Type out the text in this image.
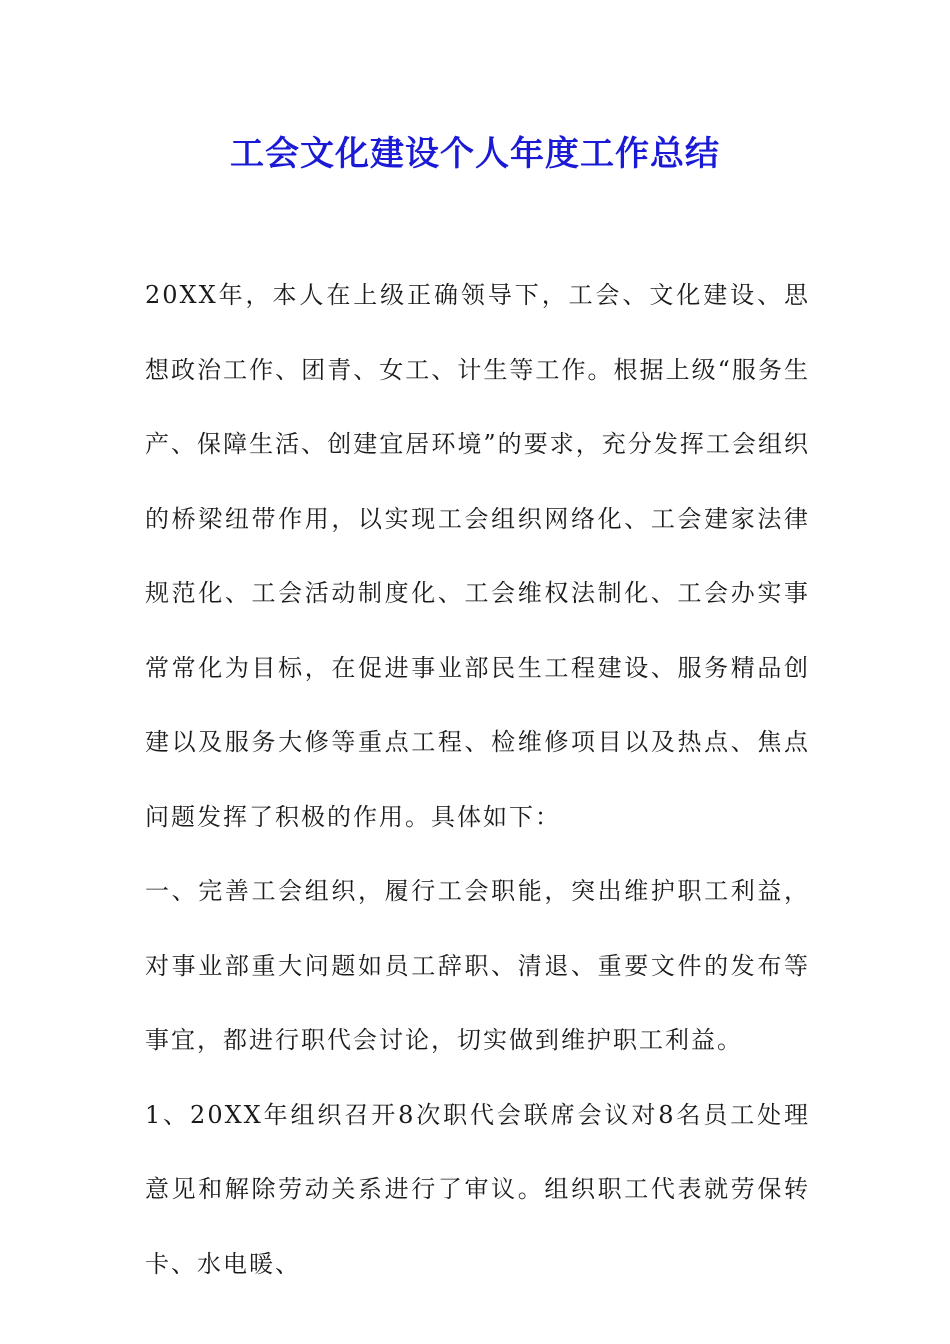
工会文化建设个人年度工作总结

20XX年，本人在上级正确领导下，工会、文化建设、思想政治工作、团青、女工、计生等工作。根据上级“服务生产、保障生活、创建宜居环境”的要求，充分发挥工会组织的桥梁纽带作用，以实现工会组织网络化、工会建家法律规范化、工会活动制度化、工会维权法制化、工会办实事常常化为目标，在促进事业部民生工程建设、服务精品创建以及服务大修等重点工程、检维修项目以及热点、焦点问题发挥了积极的作用。具体如下：

一、完善工会组织，履行工会职能，突出维护职工利益，对事业部重大问题如员工辞职、清退、重要文件的发布等事宜，都进行职代会讨论，切实做到维护职工利益。

1、20XX年组织召开8次职代会联席会议对8名员工处理意见和解除劳动关系进行了审议。组织职工代表就劳保转卡、水电暖、
